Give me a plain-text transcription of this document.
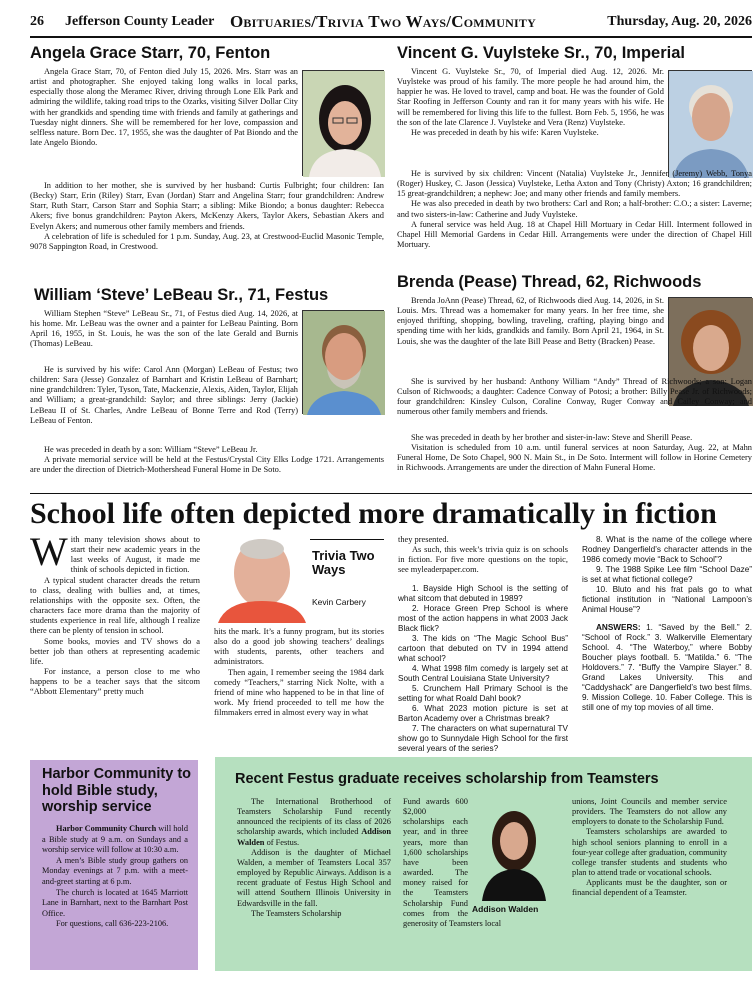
26 Jefferson County Leader Obituaries/Trivia Two Ways/Community	Thursday, Aug. 20, 2026
Angela Grace Starr, 70, Fenton

Angela Grace Starr, 70, of Fenton died July 15, 2026. Mrs. Starr was an artist and photographer. She enjoyed taking long walks in local parks, especially those along the Meramec River, driving through Lone Elk Park and admiring the wildlife, taking road trips to the Ozarks, visiting Silver Dollar City with her grandkids and spending time with friends and family at gatherings and Tuesday night dinners. She will be remembered for her love, compassion and selfless nature. Born Dec. 17, 1955, she was the daughter of Pat Biondo and the late Angelo Biondo.

In addition to her mother, she is survived by her husband: Curtis Fulbright; four children: Ian (Becky) Starr, Erin (Riley) Starr, Evan (Jordan) Starr and Angelina Starr; four grandchildren: Andrew Starr, Ruth Starr, Carson Starr and Sophia Starr; a sibling: Mike Biondo; a bonus daughter: Rebecca Akers; five bonus grandchildren: Payton Akers, McKenzy Akers, Taylor Akers, Sebastian Akers and Evelyn Akers; and numerous other family members and friends.

A celebration of life is scheduled for 1 p.m. Sunday, Aug. 23, at Crestwood-Euclid Masonic Temple, 9078 Sappington Road, in Crestwood.

William ‘Steve’ LeBeau Sr., 71, Festus

William Stephen “Steve” LeBeau Sr., 71, of Festus died Aug. 14, 2026, at his home. Mr. LeBeau was the owner and a painter for LeBeau Painting. Born April 16, 1955, in St. Louis, he was the son of the late Gerald and Burnis (Thomas) LeBeau.

He is survived by his wife: Carol Ann (Morgan) LeBeau of Festus; two children: Sara (Jesse) Gonzalez of Barnhart and Kristin LeBeau of Barnhart; nine grandchildren: Tyler, Tyson, Tate, Mackenzie, Alexis, Aiden, Taylor, Elijah and William; a great-grandchild: Saylor; and three siblings: Jerry (Jackie) LeBeau II of St. Charles, Andre LeBeau of Bonne Terre and Rod (Terry) LeBeau of Fenton.

He was preceded in death by a son: William “Steve” LeBeau Jr.

A private memorial service will be held at the Festus/Crystal City Elks Lodge 1721. Arrangements are under the direction of Dietrich-Mothershead Funeral Home in De Soto.

Vincent G. Vuylsteke Sr., 70, Imperial

Vincent G. Vuylsteke Sr., 70, of Imperial died Aug. 12, 2026. Mr. Vuylsteke was proud of his family. The more people he had around him, the happier he was. He loved to travel, camp and boat. He was the founder of Gold Star Roofing in Jefferson County and ran it for many years with his wife. He will be remembered for living this life to the fullest. Born Feb. 5, 1956, he was the son of the late Clarence J. Vuylsteke and Vera (Renz) Vuylsteke.

He was preceded in death by his wife: Karen Vuylsteke.

He is survived by six children: Vincent (Natalia) Vuylsteke Jr., Jennifer (Jeremy) Webb, Tonya (Roger) Huskey, C. Jason (Jessica) Vuylsteke, Letha Axton and Tony (Christy) Axton; 16 grandchildren; 15 great-grandchildren; a nephew: Joe; and many other friends and family members.

He was also preceded in death by two brothers: Carl and Ron; a half-brother: C.O.; a sister: Laverne; and two sisters-in-law: Catherine and Judy Vuylsteke.

A funeral service was held Aug. 18 at Chapel Hill Mortuary in Cedar Hill. Interment followed in Chapel Hill Memorial Gardens in Cedar Hill. Arrangements were under the direction of Chapel Hill Mortuary.

Brenda (Pease) Thread, 62, Richwoods

Brenda JoAnn (Pease) Thread, 62, of Richwoods died Aug. 14, 2026, in St. Louis. Mrs. Thread was a homemaker for many years. In her free time, she enjoyed thrifting, shopping, bowling, traveling, crafting, playing bingo and spending time with her kids, grandkids and family. Born April 21, 1964, in St. Louis, she was the daughter of the late Bill Pease and Betty (Bracken) Pease.

She is survived by her husband: Anthony William “Andy” Thread of Richwoods; a son: Logan Culson of Richwoods; a daughter: Cadence Conway of Potosi; a brother: Billy Pease Jr. of Richwoods; four grandchildren: Kinsley Culson, Coraline Conway, Ruger Conway and Cailey Conway; and numerous other family members and friends.

She was preceded in death by her brother and sister-in-law: Steve and Sherill Pease.

Visitation is scheduled from 10 a.m. until funeral services at noon Saturday, Aug. 22, at Mahn Funeral Home, De Soto Chapel, 900 N. Main St., in De Soto. Interment will follow in Horine Cemetery in Richwoods. Arrangements are under the direction of Mahn Funeral Home.

School life often depicted more dramatically in fiction
W ith many television shows about to start their new academic years in the last weeks of August, it made me think of schools depicted in fiction.

A typical student character dreads the return to class, dealing with bullies and, at times, relationships with the opposite sex. Often, the characters face more drama than the majority of students experience in real life, although I realize there can be plenty of tension in school.

Some books, movies and TV shows do a better job than others at representing academic life.

For instance, a person close to me who happens to be a teacher says that the sitcom “Abbott Elementary” pretty much

Trivia Two Ways
Kevin Carbery

hits the mark. It’s a funny program, but its stories also do a good job showing teachers’ dealings with students, parents, other teachers and administrators.

Then again, I remember seeing the 1984 dark comedy “Teachers,” starring Nick Nolte, with a friend of mine who happened to be in that line of work. My friend proceeded to tell me how the filmmakers erred in almost every way in what

they presented.

As such, this week’s trivia quiz is on schools in fiction. For five more questions on the topic, see myleaderpaper.com.

1. Bayside High School is the setting of what sitcom that debuted in 1989?

2. Horace Green Prep School is where most of the action happens in what 2003 Jack Black flick?

3. The kids on “The Magic School Bus” cartoon that debuted on TV in 1994 attend what school?

4. What 1998 film comedy is largely set at South Central Louisiana State University?

5. Crunchem Hall Primary School is the setting for what Roald Dahl book?

6. What 2023 motion picture is set at Barton Academy over a Christmas break?

7. The characters on what supernatural TV show go to Sunnydale High School for the first several years of the series?

8. What is the name of the college where Rodney Dangerfield’s character attends in the 1986 comedy movie “Back to School”?

9. The 1988 Spike Lee film “School Daze” is set at what fictional college?

10. Bluto and his frat pals go to what fictional institution in “National Lampoon’s Animal House”?

ANSWERS: 1. “Saved by the Bell.” 2. “School of Rock.” 3. Walkerville Elementary School. 4. “The Waterboy,” where Bobby Boucher plays football. 5. “Matilda.” 6. “The Holdovers.” 7. “Buffy the Vampire Slayer.” 8. Grand Lakes University. This and “Caddyshack” are Dangerfield’s two best films. 9. Mission College. 10. Faber College. This is still one of my top movies of all time.

Harbor Community to hold Bible study, worship service

Harbor Community Church will hold a Bible study at 9 a.m. on Sundays and a worship service will follow at 10:30 a.m.

A men’s Bible study group gathers on Monday evenings at 7 p.m. with a meet-and-greet starting at 6 p.m.

The church is located at 1645 Marriott Lane in Barnhart, next to the Barnhart Post Office.

For questions, call 636-223-2106.

Recent Festus graduate receives scholarship from Teamsters

The International Brotherhood of Teamsters Scholarship Fund recently announced the recipients of its class of 2026 scholarship awards, which included Addison Walden of Festus.

Addison is the daughter of Michael Walden, a member of Teamsters Local 357 employed by Republic Airways. Addison is a recent graduate of Festus High School and will attend Southern Illinois University in Edwardsville in the fall.

The Teamsters Scholarship	Addison Walden

Fund awards 600 $2,000 scholarships each year, and in three years, more than 1,600 scholarships have been awarded. The money raised for the Teamsters Scholarship Fund comes from the generosity of Teamsters local

unions, Joint Councils and member service providers. The Teamsters do not allow any employers to donate to the Scholarship Fund.

Teamsters scholarships are awarded to high school seniors planning to enroll in a four-year college after graduation, community college transfer students and students who plan to attend trade or vocational schools.

Applicants must be the daughter, son or financial dependent of a Teamster.
